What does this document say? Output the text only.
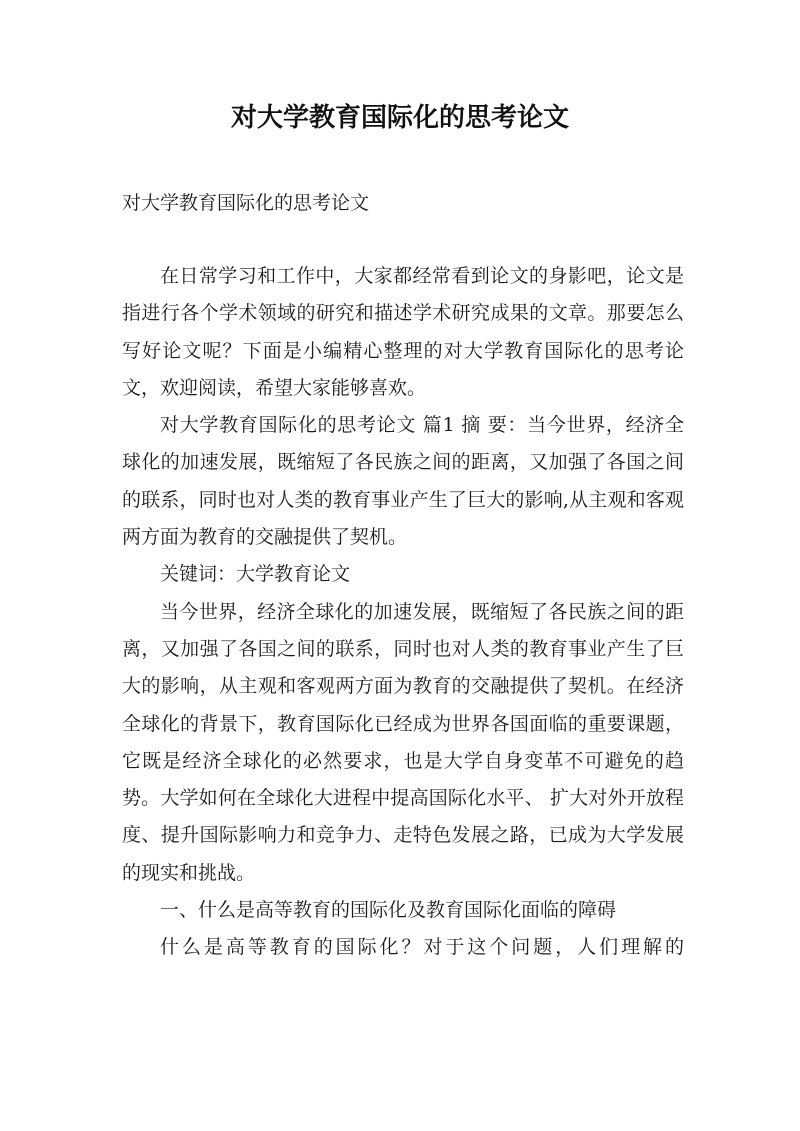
对大学教育国际化的思考论文

对大学教育国际化的思考论文

在日常学习和工作中，大家都经常看到论文的身影吧，论文是指进行各个学术领域的研究和描述学术研究成果的文章。那要怎么写好论文呢？下面是小编精心整理的对大学教育国际化的思考论文，欢迎阅读，希望大家能够喜欢。

对大学教育国际化的思考论文 篇1 摘 要：当今世界，经济全球化的加速发展，既缩短了各民族之间的距离，又加强了各国之间的联系，同时也对人类的教育事业产生了巨大的影响,从主观和客观两方面为教育的交融提供了契机。

关键词：大学教育论文

当今世界，经济全球化的加速发展，既缩短了各民族之间的距离，又加强了各国之间的联系，同时也对人类的教育事业产生了巨大的影响，从主观和客观两方面为教育的交融提供了契机。在经济全球化的背景下，教育国际化已经成为世界各国面临的重要课题，它既是经济全球化的必然要求，也是大学自身变革不可避免的趋势。大学如何在全球化大进程中提高国际化水平、 扩大对外开放程度、提升国际影响力和竞争力、走特色发展之路，已成为大学发展的现实和挑战。

一、什么是高等教育的国际化及教育国际化面临的障碍

什么是高等教育的国际化？对于这个问题，人们理解的
